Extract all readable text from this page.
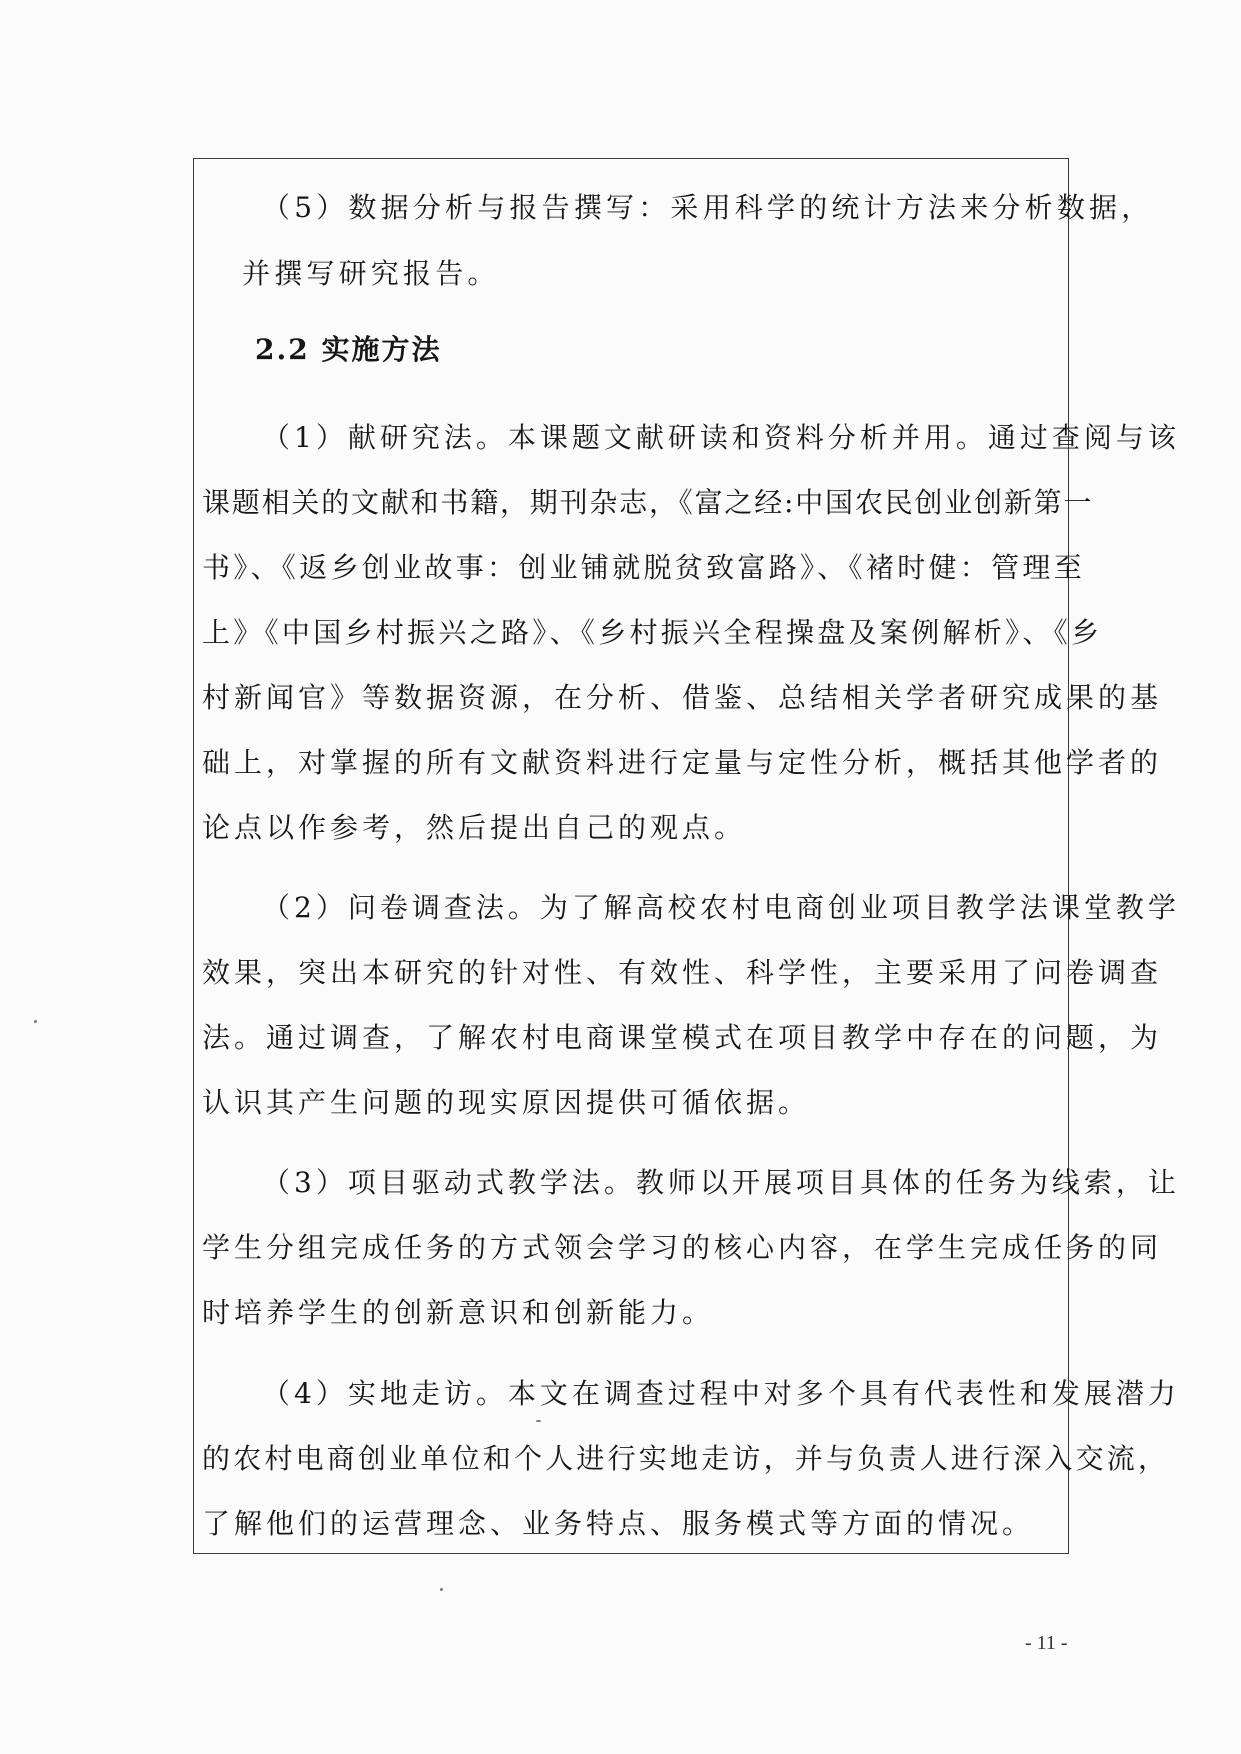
（5）数据分析与报告撰写：采用科学的统计方法来分析数据，
并撰写研究报告。
2.2 实施方法
（1）献研究法。本课题文献研读和资料分析并用。通过查阅与该
课题相关的文献和书籍，期刊杂志，《富之经:中国农民创业创新第一
书》、《返乡创业故事：创业铺就脱贫致富路》、《褚时健：管理至
上》《中国乡村振兴之路》、《乡村振兴全程操盘及案例解析》、《乡
村新闻官》等数据资源，在分析、借鉴、总结相关学者研究成果的基
础上，对掌握的所有文献资料进行定量与定性分析，概括其他学者的
论点以作参考，然后提出自己的观点。
（2）问卷调查法。为了解高校农村电商创业项目教学法课堂教学
效果，突出本研究的针对性、有效性、科学性，主要采用了问卷调查
法。通过调查，了解农村电商课堂模式在项目教学中存在的问题，为
认识其产生问题的现实原因提供可循依据。
（3）项目驱动式教学法。教师以开展项目具体的任务为线索，让
学生分组完成任务的方式领会学习的核心内容，在学生完成任务的同
时培养学生的创新意识和创新能力。
（4）实地走访。本文在调查过程中对多个具有代表性和发展潜力
的农村电商创业单位和个人进行实地走访，并与负责人进行深入交流，
了解他们的运营理念、业务特点、服务模式等方面的情况。
- 11 -
